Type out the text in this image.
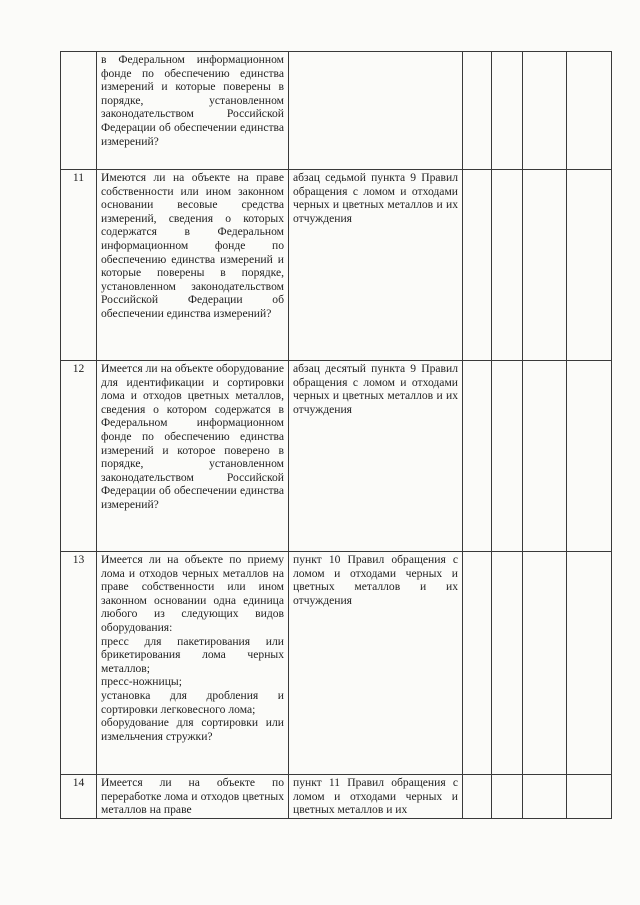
	в Федеральном информационном фонде по обеспечению единства измерений и которые поверены в порядке, установленном законодательством Российской Федерации об обеспечении единства измерений?					
11	Имеются ли на объекте на праве собственности или ином законном основании весовые средства измерений, сведения о которых содержатся в Федеральном информационном фонде по обеспечению единства измерений и которые поверены в порядке, установленном законодательством Российской Федерации об обеспечении единства измерений?	абзац седьмой пункта 9 Правил обращения с ломом и отходами черных и цветных металлов и их отчуждения				
12	Имеется ли на объекте оборудование для идентификации и сортировки лома и отходов цветных металлов, сведения о котором содержатся в Федеральном информационном фонде по обеспечению единства измерений и которое поверено в порядке, установленном законодательством Российской Федерации об обеспечении единства измерений?	абзац десятый пункта 9 Правил обращения с ломом и отходами черных и цветных металлов и их отчуждения				
13	Имеется ли на объекте по приему лома и отходов черных металлов на праве собственности или ином законном основании одна единица любого из следующих видов оборудования:

пресс для пакетирования или брикетирования лома черных металлов;

пресс-ножницы;

установка для дробления и сортировки легковесного лома;

оборудование для сортировки или измельчения стружки?	пункт 10 Правил обращения с ломом и отходами черных и цветных металлов и их отчуждения				
14	Имеется ли на объекте по переработке лома и отходов цветных металлов на праве	пункт 11 Правил обращения с ломом и отходами черных и цветных металлов и их				
